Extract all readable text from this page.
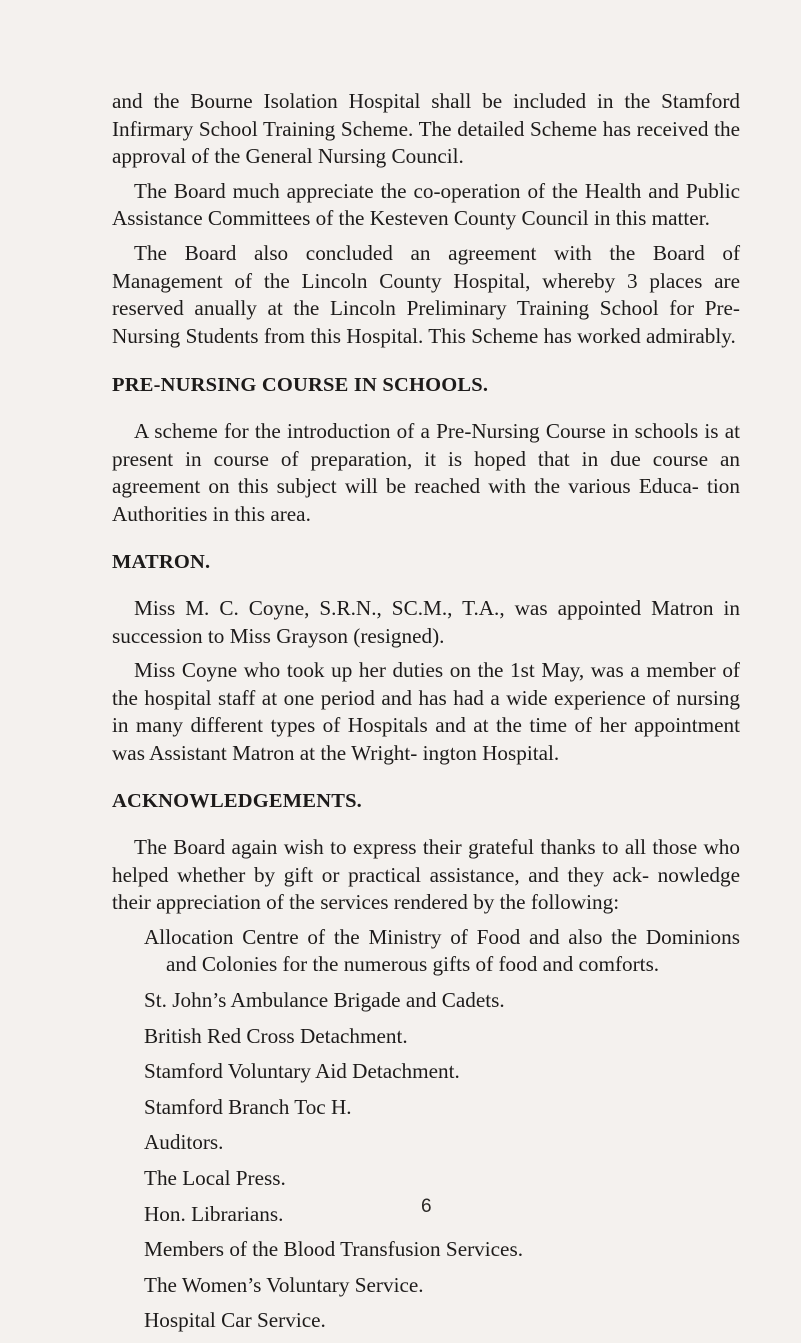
and the Bourne Isolation Hospital shall be included in the Stamford Infirmary School Training Scheme. The detailed Scheme has received the approval of the General Nursing Council.

The Board much appreciate the co-operation of the Health and Public Assistance Committees of the Kesteven County Council in this matter.

The Board also concluded an agreement with the Board of Management of the Lincoln County Hospital, whereby 3 places are reserved anually at the Lincoln Preliminary Training School for Pre-Nursing Students from this Hospital. This Scheme has worked admirably.

PRE-NURSING COURSE IN SCHOOLS.

A scheme for the introduction of a Pre-Nursing Course in schools is at present in course of preparation, it is hoped that in due course an agreement on this subject will be reached with the various Educa- tion Authorities in this area.

MATRON.

Miss M. C. Coyne, S.R.N., SC.M., T.A., was appointed Matron in succession to Miss Grayson (resigned).

Miss Coyne who took up her duties on the 1st May, was a member of the hospital staff at one period and has had a wide experience of nursing in many different types of Hospitals and at the time of her appointment was Assistant Matron at the Wright- ington Hospital.

ACKNOWLEDGEMENTS.

The Board again wish to express their grateful thanks to all those who helped whether by gift or practical assistance, and they ack- nowledge their appreciation of the services rendered by the following:

Allocation Centre of the Ministry of Food and also the Dominions and Colonies for the numerous gifts of food and comforts.
St. John’s Ambulance Brigade and Cadets.
British Red Cross Detachment.
Stamford Voluntary Aid Detachment.
Stamford Branch Toc H.
Auditors.
The Local Press.
Hon. Librarians.
Members of the Blood Transfusion Services.
The Women’s Voluntary Service.
Hospital Car Service.
6
